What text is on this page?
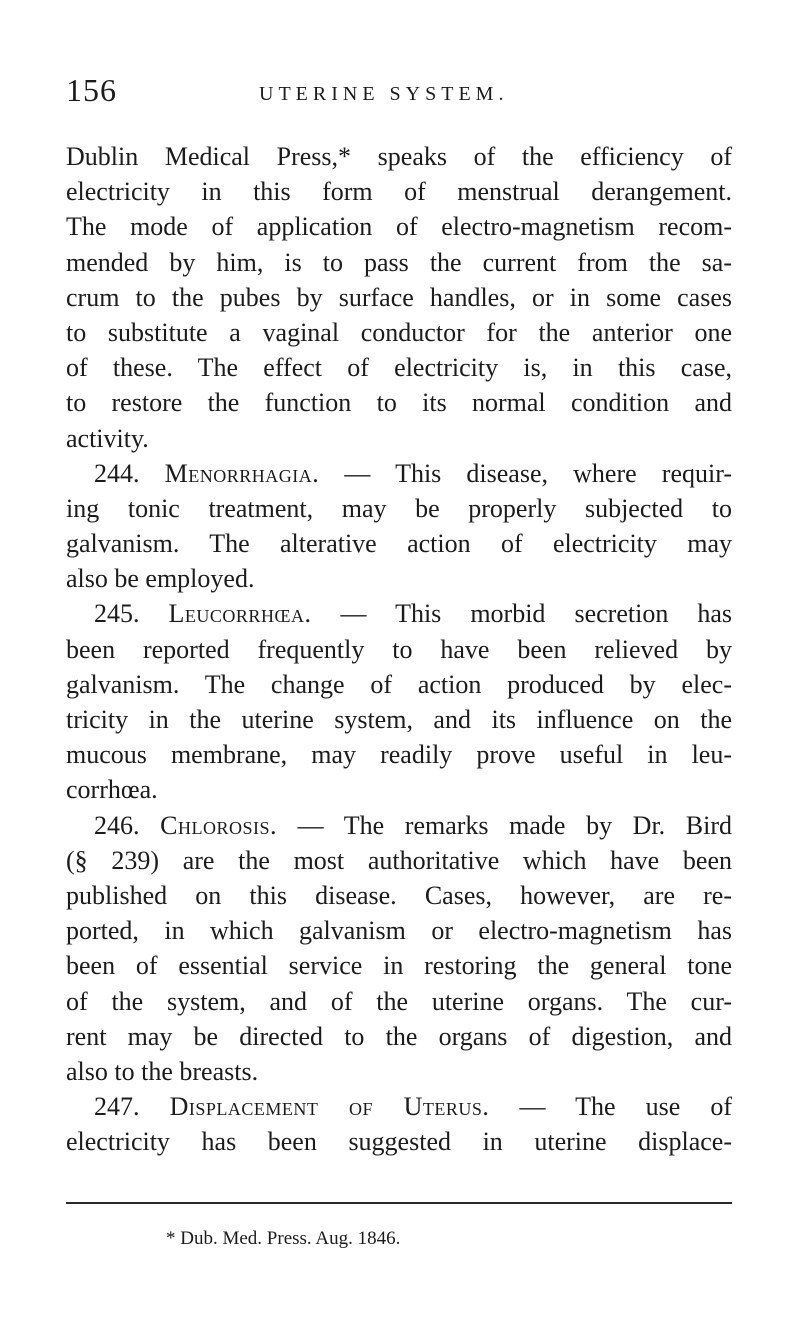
156	UTERINE SYSTEM.
Dublin Medical Press,* speaks of the efficiency of
electricity in this form of menstrual derangement.
The mode of application of electro-magnetism recom-
mended by him, is to pass the current from the sa-
crum to the pubes by surface handles, or in some cases
to substitute a vaginal conductor for the anterior one
of these. The effect of electricity is, in this case,
to restore the function to its normal condition and
activity.
244. Menorrhagia. — This disease, where requir-
ing tonic treatment, may be properly subjected to
galvanism. The alterative action of electricity may
also be employed.
245. Leucorrhœa. — This morbid secretion has
been reported frequently to have been relieved by
galvanism. The change of action produced by elec-
tricity in the uterine system, and its influence on the
mucous membrane, may readily prove useful in leu-
corrhœa.
246. Chlorosis. — The remarks made by Dr. Bird
(§ 239) are the most authoritative which have been
published on this disease. Cases, however, are re-
ported, in which galvanism or electro-magnetism has
been of essential service in restoring the general tone
of the system, and of the uterine organs. The cur-
rent may be directed to the organs of digestion, and
also to the breasts.
247. Displacement of Uterus. — The use of
electricity has been suggested in uterine displace-
* Dub. Med. Press. Aug. 1846.
